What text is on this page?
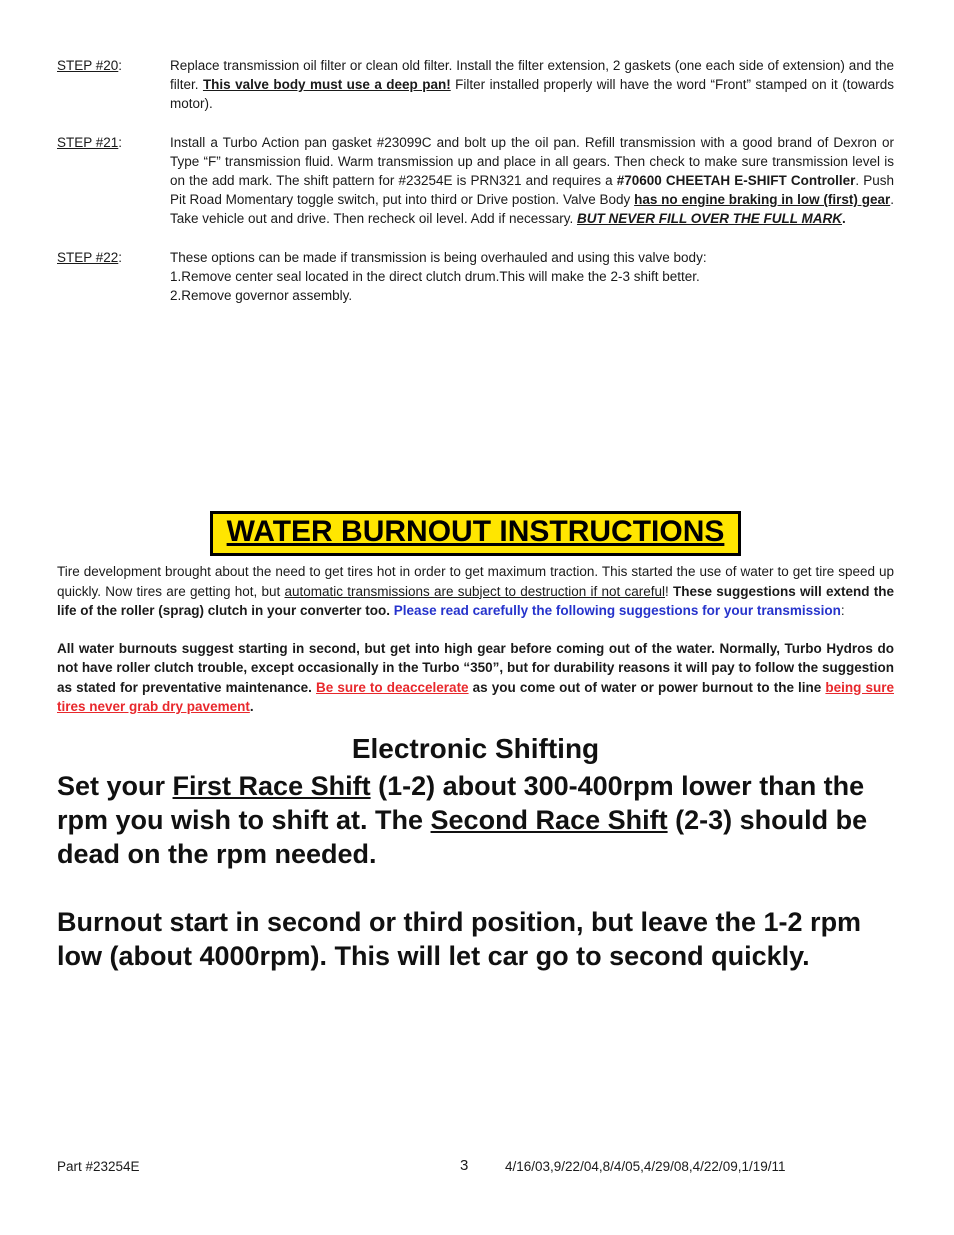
STEP #20:	Replace transmission oil filter or clean old filter. Install the filter extension, 2 gaskets (one each side of extension) and the filter. This valve body must use a deep pan! Filter installed properly will have the word “Front” stamped on it (towards motor).
STEP #21:	Install a Turbo Action pan gasket #23099C and bolt up the oil pan. Refill transmission with a good brand of Dexron or Type “F” transmission fluid. Warm transmission up and place in all gears. Then check to make sure transmission level is on the add mark. The shift pattern for #23254E is PRN321 and requires a #70600 CHEETAH E-SHIFT Controller. Push Pit Road Momentary toggle switch, put into third or Drive postion. Valve Body has no engine braking in low (first) gear. Take vehicle out and drive. Then recheck oil level. Add if necessary. BUT NEVER FILL OVER THE FULL MARK.
STEP #22:	These options can be made if transmission is being overhauled and using this valve body:
1.Remove center seal located in the direct clutch drum.This will make the 2-3 shift better.
2.Remove governor assembly.
WATER BURNOUT INSTRUCTIONS
Tire development brought about the need to get tires hot in order to get maximum traction. This started the use of water to get tire speed up quickly. Now tires are getting hot, but automatic transmissions are subject to destruction if not careful! These suggestions will extend the life of the roller (sprag) clutch in your converter too. Please read carefully the following suggestions for your transmission:
All water burnouts suggest starting in second, but get into high gear before coming out of the water. Normally, Turbo Hydros do not have roller clutch trouble, except occasionally in the Turbo “350”, but for durability reasons it will pay to follow the suggestion as stated for preventative maintenance. Be sure to deaccelerate as you come out of water or power burnout to the line being sure tires never grab dry pavement.
Electronic Shifting
Set your First Race Shift (1-2) about 300-400rpm lower than the rpm you wish to shift at. The Second Race Shift (2-3) should be dead on the rpm needed.
Burnout start in second or third position, but leave the 1-2 rpm low (about 4000rpm). This will let car go to second quickly.
Part #23254E	3	4/16/03,9/22/04,8/4/05,4/29/08,4/22/09,1/19/11
